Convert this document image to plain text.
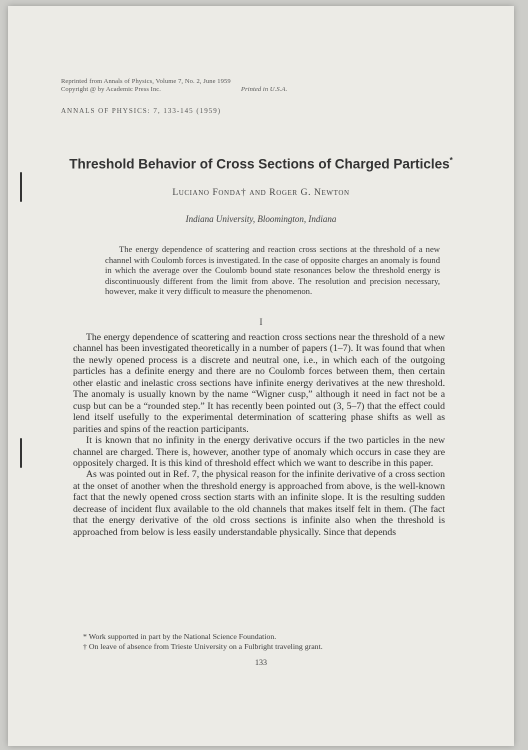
Reprinted from Annals of Physics, Volume 7, No. 2, June 1959
Copyright @ by Academic Press Inc.	Printed in U.S.A.
ANNALS OF PHYSICS: 7, 133-145 (1959)
Threshold Behavior of Cross Sections of Charged Particles*
Luciano Fonda† and Roger G. Newton
Indiana University, Bloomington, Indiana
The energy dependence of scattering and reaction cross sections at the threshold of a new channel with Coulomb forces is investigated. In the case of opposite charges an anomaly is found in which the average over the Coulomb bound state resonances below the threshold energy is discontinuously different from the limit from above. The resolution and precision necessary, however, make it very difficult to measure the phenomenon.
I

The energy dependence of scattering and reaction cross sections near the threshold of a new channel has been investigated theoretically in a number of papers (1–7). It was found that when the newly opened process is a discrete and neutral one, i.e., in which each of the outgoing particles has a definite energy and there are no Coulomb forces between them, then certain other elastic and inelastic cross sections have infinite energy derivatives at the new threshold. The anomaly is usually known by the name “Wigner cusp,” although it need in fact not be a cusp but can be a “rounded step.” It has recently been pointed out (3, 5–7) that the effect could lend itself usefully to the experimental determination of scattering phase shifts as well as parities and spins of the reaction participants.

It is known that no infinity in the energy derivative occurs if the two particles in the new channel are charged. There is, however, another type of anomaly which occurs in case they are oppositely charged. It is this kind of threshold effect which we want to describe in this paper.

As was pointed out in Ref. 7, the physical reason for the infinite derivative of a cross section at the onset of another when the threshold energy is approached from above, is the well-known fact that the newly opened cross section starts with an infinite slope. It is the resulting sudden decrease of incident flux available to the old channels that makes itself felt in them. (The fact that the energy derivative of the old cross sections is infinite also when the threshold is approached from below is less easily understandable physically. Since that depends

* Work supported in part by the National Science Foundation.
† On leave of absence from Trieste University on a Fulbright traveling grant.
133
